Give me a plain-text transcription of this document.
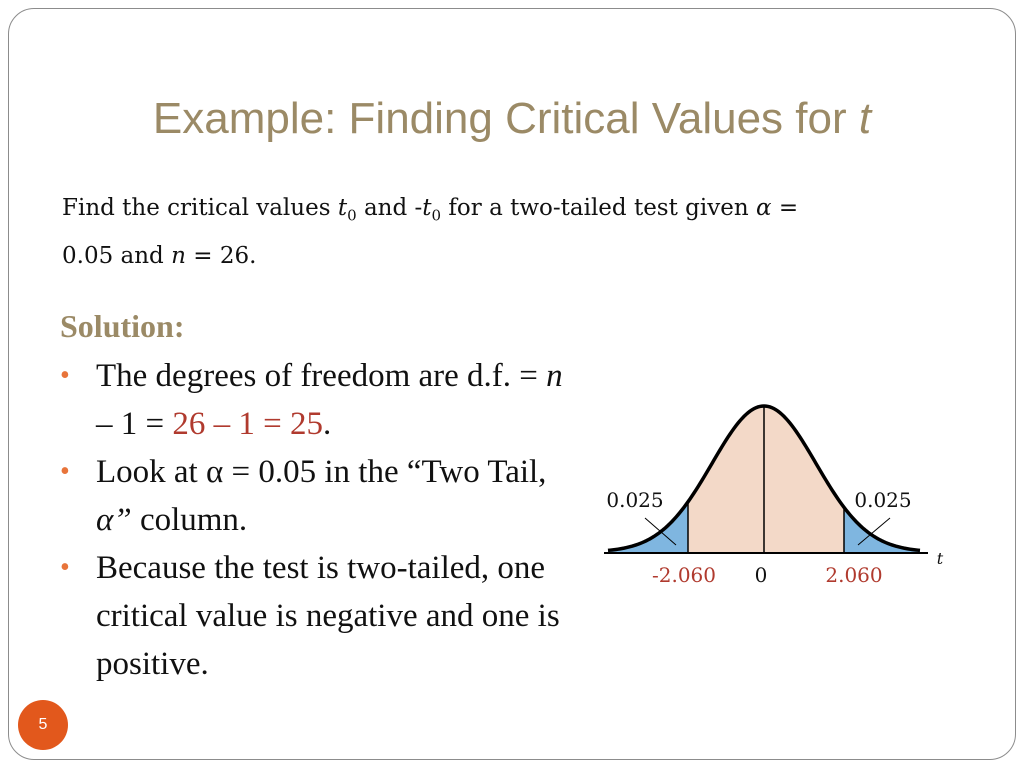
Example: Finding Critical Values for t
Find the critical values $t_0$ and $-t_0$ for a two-tailed test given α =
0.05 and n = 26.
Solution:
• The degrees of freedom are d.f. = n – 1 = 26 – 1 = 25.
• Look at α = 0.05 in the “Two Tail, α” column.
• Because the test is two-tailed, one critical value is negative and one is positive.
0.025	0.025
-2.060 0	2.060
t
5
